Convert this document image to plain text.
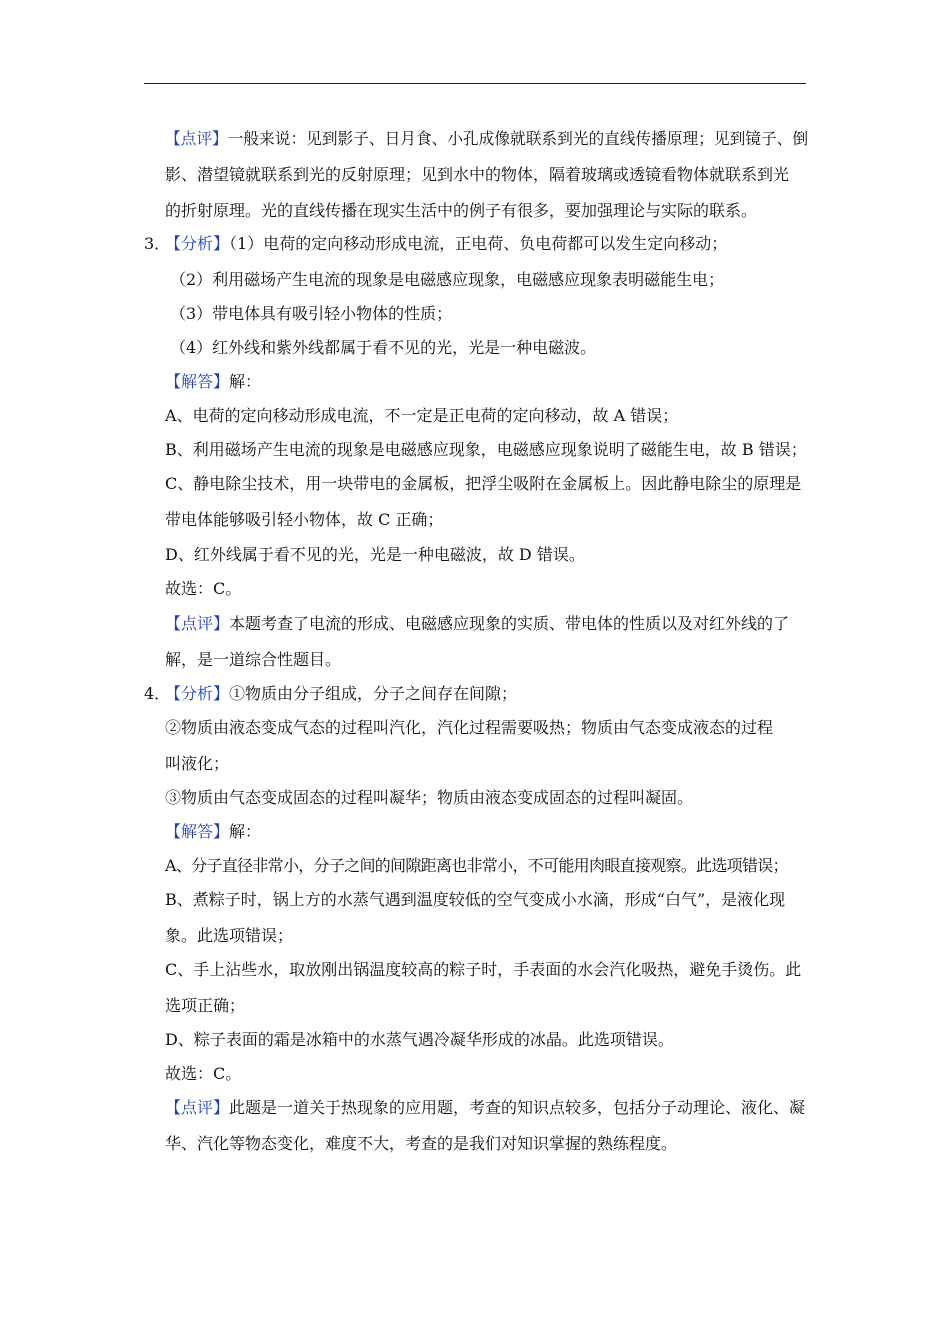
【点评】一般来说：见到影子、日月食、小孔成像就联系到光的直线传播原理；见到镜子、倒
影、潜望镜就联系到光的反射原理；见到水中的物体，隔着玻璃或透镜看物体就联系到光
的折射原理。光的直线传播在现实生活中的例子有很多，要加强理论与实际的联系。
3．
【分析】（1）电荷的定向移动形成电流，正电荷、负电荷都可以发生定向移动；
（2）利用磁场产生电流的现象是电磁感应现象，电磁感应现象表明磁能生电；
（3）带电体具有吸引轻小物体的性质；
（4）红外线和紫外线都属于看不见的光，光是一种电磁波。
【解答】解：
A、电荷的定向移动形成电流，不一定是正电荷的定向移动，故 A 错误；
B、利用磁场产生电流的现象是电磁感应现象，电磁感应现象说明了磁能生电，故 B 错误；
C、静电除尘技术，用一块带电的金属板，把浮尘吸附在金属板上。因此静电除尘的原理是
带电体能够吸引轻小物体，故 C 正确；
D、红外线属于看不见的光，光是一种电磁波，故 D 错误。
故选：C。
【点评】本题考查了电流的形成、电磁感应现象的实质、带电体的性质以及对红外线的了
解，是一道综合性题目。
4．
【分析】①物质由分子组成，分子之间存在间隙；
②物质由液态变成气态的过程叫汽化，汽化过程需要吸热；物质由气态变成液态的过程
叫液化；
③物质由气态变成固态的过程叫凝华；物质由液态变成固态的过程叫凝固。
【解答】解：
A、分子直径非常小，分子之间的间隙距离也非常小，不可能用肉眼直接观察。此选项错误；
B、煮粽子时，锅上方的水蒸气遇到温度较低的空气变成小水滴，形成“白气”，是液化现
象。此选项错误；
C、手上沾些水，取放刚出锅温度较高的粽子时，手表面的水会汽化吸热，避免手烫伤。此
选项正确；
D、粽子表面的霜是冰箱中的水蒸气遇冷凝华形成的冰晶。此选项错误。
故选：C。
【点评】此题是一道关于热现象的应用题，考查的知识点较多，包括分子动理论、液化、凝
华、汽化等物态变化，难度不大，考查的是我们对知识掌握的熟练程度。
